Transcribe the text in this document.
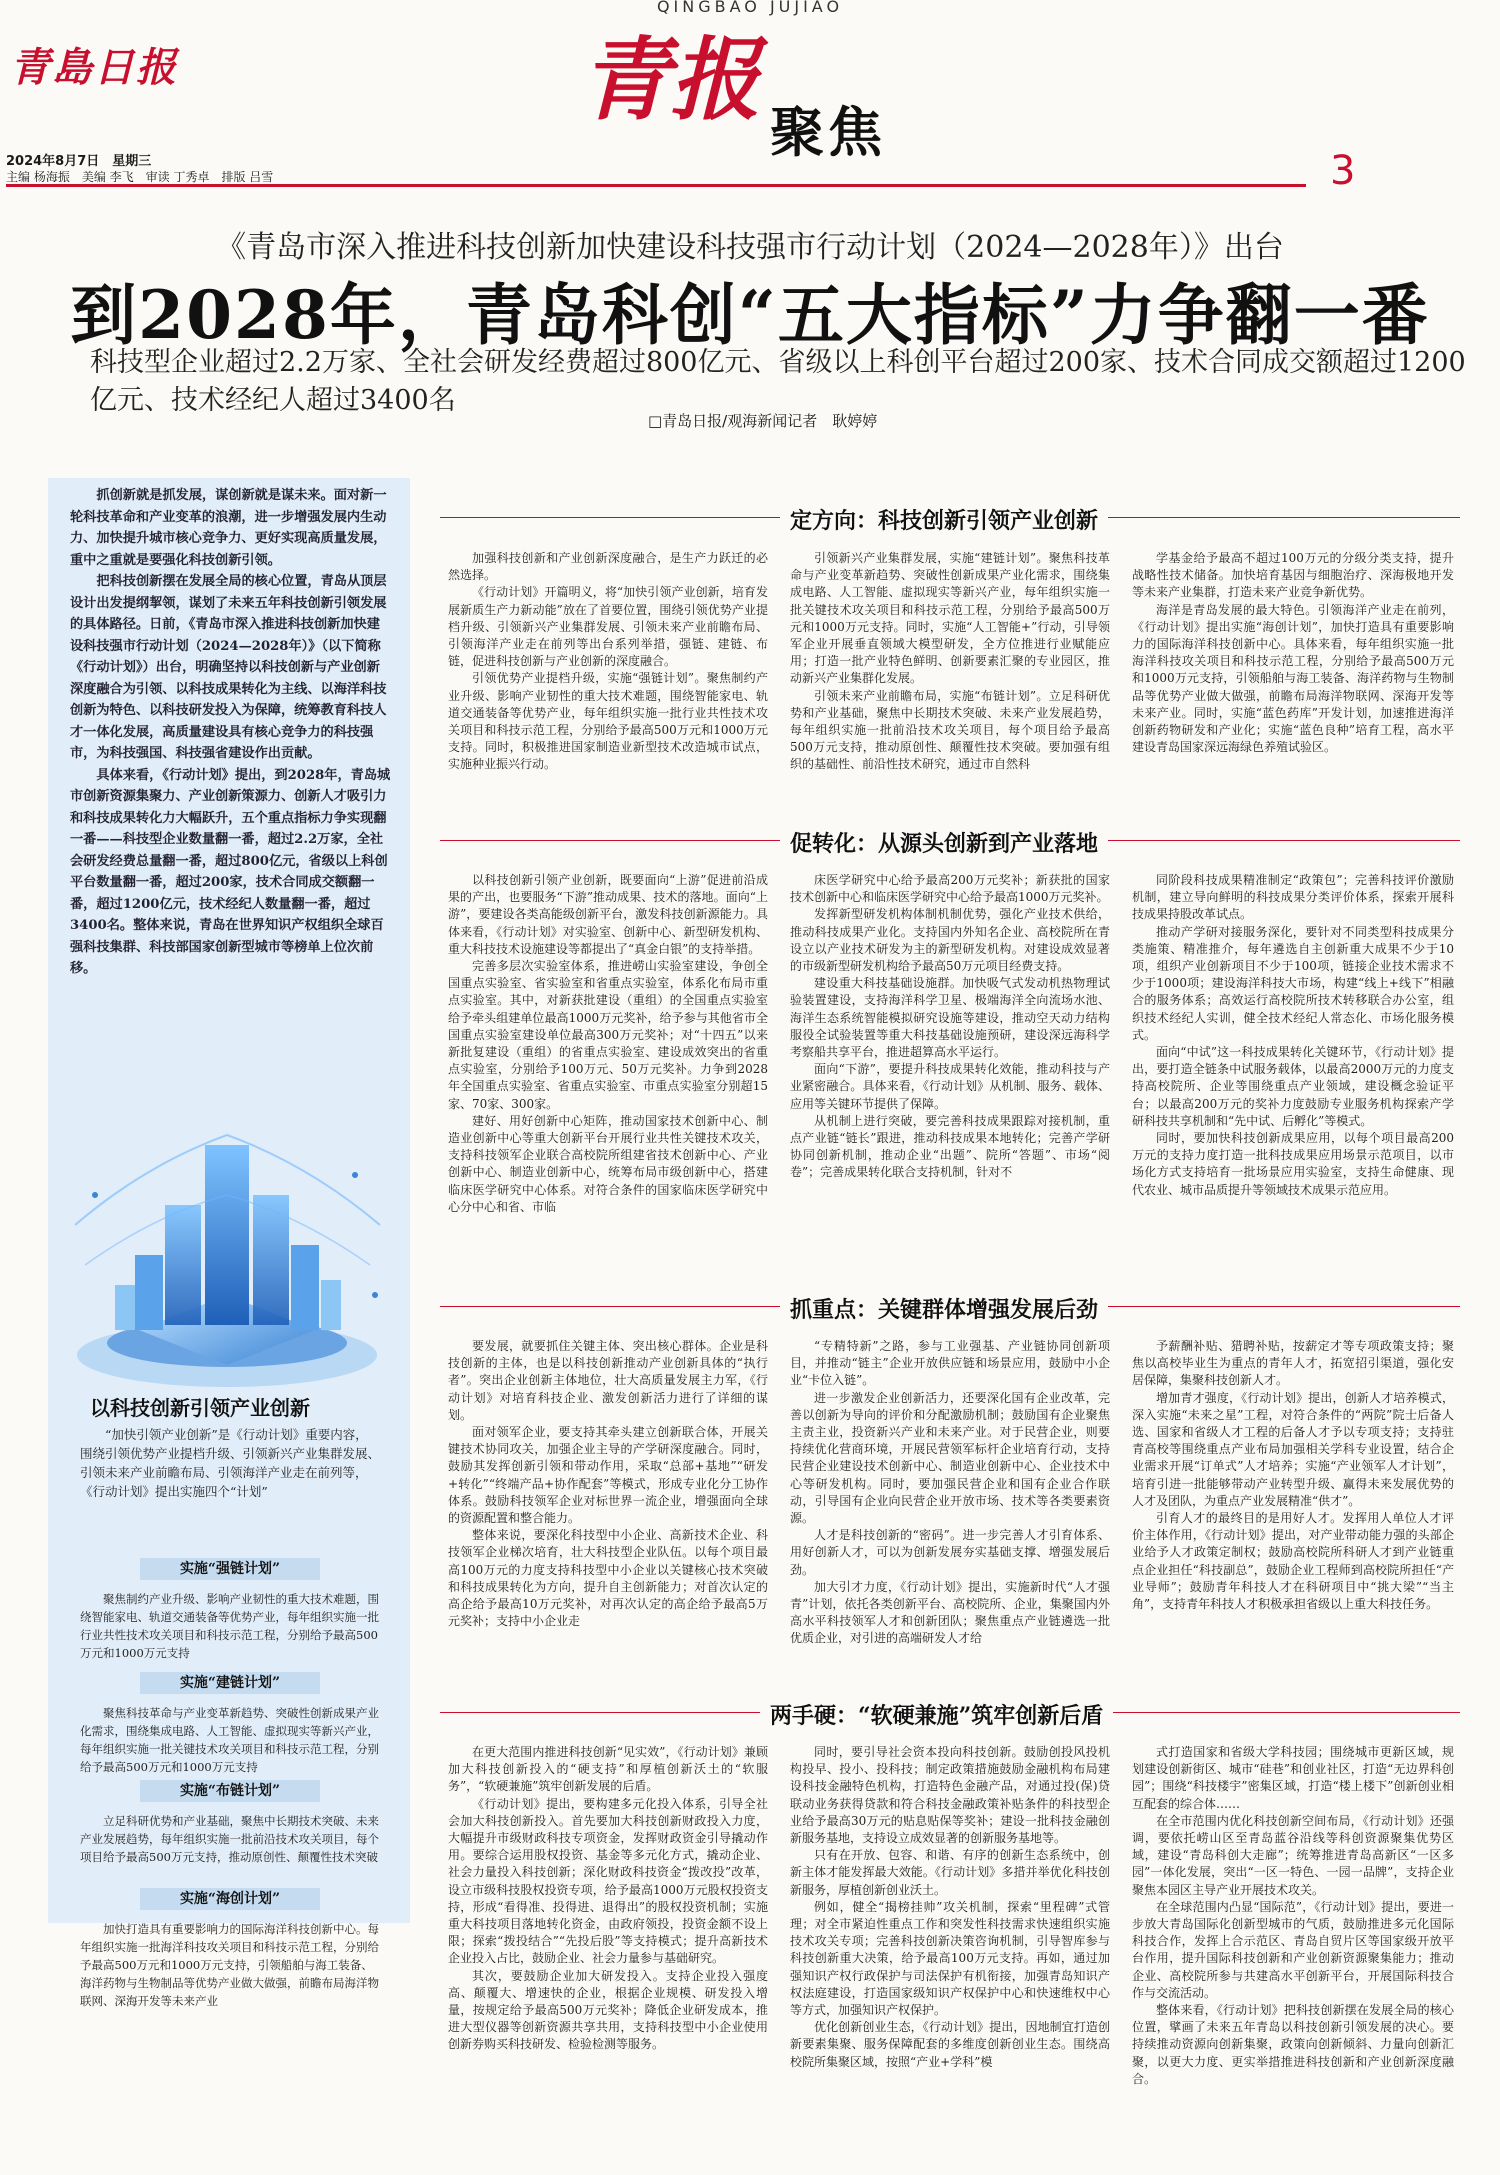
QINGBAO JUJIAO
青島日报	青报 聚焦
2024年8月7日　星期三
主编 杨海振　美编 李飞　审读 丁秀卓　排版 吕雪	3
《青岛市深入推进科技创新加快建设科技强市行动计划（2024—2028年）》出台
到2028年，青岛科创“五大指标”力争翻一番
科技型企业超过2.2万家、全社会研发经费超过800亿元、省级以上科创平台超过200家、技术合同成交额超过1200亿元、技术经纪人超过3400名
□青岛日报/观海新闻记者　耿婷婷

抓创新就是抓发展，谋创新就是谋未来。面对新一轮科技革命和产业变革的浪潮，进一步增强发展内生动力、加快提升城市核心竞争力、更好实现高质量发展，重中之重就是要强化科技创新引领。

把科技创新摆在发展全局的核心位置，青岛从顶层设计出发提纲挈领，谋划了未来五年科技创新引领发展的具体路径。日前，《青岛市深入推进科技创新加快建设科技强市行动计划（2024—2028年）》（以下简称《行动计划》）出台，明确坚持以科技创新与产业创新深度融合为引领、以科技成果转化为主线、以海洋科技创新为特色、以科技研发投入为保障，统筹教育科技人才一体化发展，高质量建设具有核心竞争力的科技强市，为科技强国、科技强省建设作出贡献。

具体来看，《行动计划》提出，到2028年，青岛城市创新资源集聚力、产业创新策源力、创新人才吸引力和科技成果转化力大幅跃升，五个重点指标力争实现翻一番——科技型企业数量翻一番，超过2.2万家，全社会研发经费总量翻一番，超过800亿元，省级以上科创平台数量翻一番，超过200家，技术合同成交额翻一番，超过1200亿元，技术经纪人数量翻一番，超过3400名。整体来说，青岛在世界知识产权组织全球百强科技集群、科技部国家创新型城市等榜单上位次前移。

以科技创新引领产业创新
“加快引领产业创新”是《行动计划》重要内容，围绕引领优势产业提档升级、引领新兴产业集群发展、引领未来产业前瞻布局、引领海洋产业走在前列等，《行动计划》提出实施四个“计划”
实施“强链计划”
聚焦制约产业升级、影响产业韧性的重大技术难题，围绕智能家电、轨道交通装备等优势产业，每年组织实施一批行业共性技术攻关项目和科技示范工程，分别给予最高500万元和1000万元支持
实施“建链计划”
聚焦科技革命与产业变革新趋势、突破性创新成果产业化需求，围绕集成电路、人工智能、虚拟现实等新兴产业，每年组织实施一批关键技术攻关项目和科技示范工程，分别给予最高500万元和1000万元支持
实施“布链计划”
立足科研优势和产业基础，聚焦中长期技术突破、未来产业发展趋势，每年组织实施一批前沿技术攻关项目，每个项目给予最高500万元支持，推动原创性、颠覆性技术突破
实施“海创计划”
加快打造具有重要影响力的国际海洋科技创新中心。每年组织实施一批海洋科技攻关项目和科技示范工程，分别给予最高500万元和1000万元支持，引领船舶与海工装备、海洋药物与生物制品等优势产业做大做强，前瞻布局海洋物联网、深海开发等未来产业
定方向：科技创新引领产业创新

加强科技创新和产业创新深度融合，是生产力跃迁的必然选择。

《行动计划》开篇明义，将“加快引领产业创新，培育发展新质生产力新动能”放在了首要位置，围绕引领优势产业提档升级、引领新兴产业集群发展、引领未来产业前瞻布局、引领海洋产业走在前列等出台系列举措，强链、建链、布链，促进科技创新与产业创新的深度融合。

引领优势产业提档升级，实施“强链计划”。聚焦制约产业升级、影响产业韧性的重大技术难题，围绕智能家电、轨道交通装备等优势产业，每年组织实施一批行业共性技术攻关项目和科技示范工程，分别给予最高500万元和1000万元支持。同时，积极推进国家制造业新型技术改造城市试点，实施种业振兴行动。

引领新兴产业集群发展，实施“建链计划”。聚焦科技革命与产业变革新趋势、突破性创新成果产业化需求，围绕集成电路、人工智能、虚拟现实等新兴产业，每年组织实施一批关键技术攻关项目和科技示范工程，分别给予最高500万元和1000万元支持。同时，实施“人工智能+”行动，引导领军企业开展垂直领域大模型研发，全方位推进行业赋能应用；打造一批产业特色鲜明、创新要素汇聚的专业园区，推动新兴产业集群化发展。

引领未来产业前瞻布局，实施“布链计划”。立足科研优势和产业基础，聚焦中长期技术突破、未来产业发展趋势，每年组织实施一批前沿技术攻关项目，每个项目给予最高500万元支持，推动原创性、颠覆性技术突破。要加强有组织的基础性、前沿性技术研究，通过市自然科

学基金给予最高不超过100万元的分级分类支持，提升战略性技术储备。加快培育基因与细胞治疗、深海极地开发等未来产业集群，打造未来产业竞争新优势。

海洋是青岛发展的最大特色。引领海洋产业走在前列，《行动计划》提出实施“海创计划”，加快打造具有重要影响力的国际海洋科技创新中心。具体来看，每年组织实施一批海洋科技攻关项目和科技示范工程，分别给予最高500万元和1000万元支持，引领船舶与海工装备、海洋药物与生物制品等优势产业做大做强，前瞻布局海洋物联网、深海开发等未来产业。同时，实施“蓝色药库”开发计划，加速推进海洋创新药物研发和产业化；实施“蓝色良种”培育工程，高水平建设青岛国家深远海绿色养殖试验区。

促转化：从源头创新到产业落地

以科技创新引领产业创新，既要面向“上游”促进前沿成果的产出，也要服务“下游”推动成果、技术的落地。面向“上游”，要建设各类高能级创新平台，激发科技创新源能力。具体来看，《行动计划》对实验室、创新中心、新型研发机构、重大科技技术设施建设等都提出了“真金白银”的支持举措。

完善多层次实验室体系，推进崂山实验室建设，争创全国重点实验室、省实验室和省重点实验室，体系化布局市重点实验室。其中，对新获批建设（重组）的全国重点实验室给予牵头组建单位最高1000万元奖补，给予参与其他省市全国重点实验室建设单位最高300万元奖补；对“十四五”以来新批复建设（重组）的省重点实验室、建设成效突出的省重点实验室，分别给予100万元、50万元奖补。力争到2028年全国重点实验室、省重点实验室、市重点实验室分别超15家、70家、300家。

建好、用好创新中心矩阵，推动国家技术创新中心、制造业创新中心等重大创新平台开展行业共性关键技术攻关，支持科技领军企业联合高校院所组建省技术创新中心、产业创新中心、制造业创新中心，统筹布局市级创新中心，搭建临床医学研究中心体系。对符合条件的国家临床医学研究中心分中心和省、市临

床医学研究中心给予最高200万元奖补；新获批的国家技术创新中心和临床医学研究中心给予最高1000万元奖补。

发挥新型研发机构体制机制优势，强化产业技术供给，推动科技成果产业化。支持国内外知名企业、高校院所在青设立以产业技术研发为主的新型研发机构。对建设成效显著的市级新型研发机构给予最高50万元项目经费支持。

建设重大科技基础设施群。加快吸气式发动机热物理试验装置建设，支持海洋科学卫星、极端海洋全向流场水池、海洋生态系统智能模拟研究设施等建设，推动空天动力结构服役全试验装置等重大科技基础设施预研，建设深远海科学考察船共享平台，推进超算高水平运行。

面向“下游”，要提升科技成果转化效能，推动科技与产业紧密融合。具体来看，《行动计划》从机制、服务、载体、应用等关键环节提供了保障。

从机制上进行突破，要完善科技成果跟踪对接机制，重点产业链“链长”跟进，推动科技成果本地转化；完善产学研协同创新机制，推动企业“出题”、院所“答题”、市场“阅卷”；完善成果转化联合支持机制，针对不

同阶段科技成果精准制定“政策包”；完善科技评价激励机制，建立导向鲜明的科技成果分类评价体系，探索开展科技成果持股改革试点。

推动产学研对接服务深化，要针对不同类型科技成果分类施策、精准推介，每年遴选自主创新重大成果不少于10项，组织产业创新项目不少于100项，链接企业技术需求不少于1000项；建设海洋科技大市场，构建“线上+线下”相融合的服务体系；高效运行高校院所技术转移联合办公室，组织技术经纪人实训，健全技术经纪人常态化、市场化服务模式。

面向“中试”这一科技成果转化关键环节，《行动计划》提出，要打造全链条中试服务载体，以最高2000万元的力度支持高校院所、企业等围绕重点产业领域，建设概念验证平台；以最高200万元的奖补力度鼓励专业服务机构探索产学研科技共享机制和“先中试、后孵化”等模式。

同时，要加快科技创新成果应用，以每个项目最高200万元的支持力度打造一批科技成果应用场景示范项目，以市场化方式支持培育一批场景应用实验室，支持生命健康、现代农业、城市品质提升等领域技术成果示范应用。

抓重点：关键群体增强发展后劲

要发展，就要抓住关键主体、突出核心群体。企业是科技创新的主体，也是以科技创新推动产业创新具体的“执行者”。突出企业创新主体地位，壮大高质量发展主力军，《行动计划》对培育科技企业、激发创新活力进行了详细的谋划。

面对领军企业，要支持其牵头建立创新联合体，开展关键技术协同攻关，加强企业主导的产学研深度融合。同时，鼓励其发挥创新引领和带动作用，采取“总部+基地”“研发+转化”“终端产品+协作配套”等模式，形成专业化分工协作体系。鼓励科技领军企业对标世界一流企业，增强面向全球的资源配置和整合能力。

整体来说，要深化科技型中小企业、高新技术企业、科技领军企业梯次培育，壮大科技型企业队伍。以每个项目最高100万元的力度支持科技型中小企业以关键核心技术突破和科技成果转化为方向，提升自主创新能力；对首次认定的高企给予最高10万元奖补，对再次认定的高企给予最高5万元奖补；支持中小企业走

“专精特新”之路，参与工业强基、产业链协同创新项目，并推动“链主”企业开放供应链和场景应用，鼓励中小企业“卡位入链”。

进一步激发企业创新活力，还要深化国有企业改革，完善以创新为导向的评价和分配激励机制；鼓励国有企业聚焦主责主业，投资新兴产业和未来产业。对于民营企业，则要持续优化营商环境，开展民营领军标杆企业培育行动，支持民营企业建设技术创新中心、制造业创新中心、企业技术中心等研发机构。同时，要加强民营企业和国有企业合作联动，引导国有企业向民营企业开放市场、技术等各类要素资源。

人才是科技创新的“密码”。进一步完善人才引育体系、用好创新人才，可以为创新发展夯实基础支撑、增强发展后劲。

加大引才力度，《行动计划》提出，实施新时代“人才强青”计划，依托各类创新平台、高校院所、企业，集聚国内外高水平科技领军人才和创新团队；聚焦重点产业链遴选一批优质企业，对引进的高端研发人才给

予薪酬补贴、猎聘补贴，按薪定才等专项政策支持；聚焦以高校毕业生为重点的青年人才，拓宽招引渠道，强化安居保障，集聚科技创新人才。

增加青才强度，《行动计划》提出，创新人才培养模式，深入实施“未来之星”工程，对符合条件的“两院”院士后备人选、国家和省级人才工程的后备人才予以专项支持；支持驻青高校等围绕重点产业布局加强相关学科专业设置，结合企业需求开展“订单式”人才培养；实施“产业领军人才计划”，培育引进一批能够带动产业转型升级、赢得未来发展优势的人才及团队，为重点产业发展精准“供才”。

引育人才的最终目的是用好人才。发挥用人单位人才评价主体作用，《行动计划》提出，对产业带动能力强的头部企业给予人才政策定制权；鼓励高校院所科研人才到产业链重点企业担任“科技副总”，鼓励企业工程师到高校院所担任“产业导师”；鼓励青年科技人才在科研项目中“挑大梁”“当主角”，支持青年科技人才积极承担省级以上重大科技任务。

两手硬：“软硬兼施”筑牢创新后盾

在更大范围内推进科技创新“见实效”，《行动计划》兼顾加大科技创新投入的“硬支持”和厚植创新沃土的“软服务”，“软硬兼施”筑牢创新发展的后盾。

《行动计划》提出，要构建多元化投入体系，引导全社会加大科技创新投入。首先要加大科技创新财政投入力度，大幅提升市级财政科技专项资金，发挥财政资金引导撬动作用。要综合运用股权投资、基金等多元化方式，撬动企业、社会力量投入科技创新；深化财政科技资金“拨改投”改革，设立市级科技股权投资专项，给予最高1000万元股权投资支持，形成“看得准、投得进、退得出”的股权投资机制；实施重大科技项目落地转化资金，由政府领投，投资金额不设上限；探索“拨投结合”“先投后股”等支持模式；提升高新技术企业投入占比，鼓励企业、社会力量参与基础研究。

其次，要鼓励企业加大研发投入。支持企业投入强度高、颠覆大、增速快的企业，根据企业规模、研发投入增量，按规定给予最高500万元奖补；降低企业研发成本，推进大型仪器等创新资源共享共用，支持科技型中小企业使用创新券购买科技研发、检验检测等服务。

同时，要引导社会资本投向科技创新。鼓励创投风投机构投早、投小、投科技；制定政策措施鼓励金融机构布局建设科技金融特色机构，打造特色金融产品，对通过投(保)贷联动业务获得贷款和符合科技金融政策补贴条件的科技型企业给予最高30万元的贴息贴保等奖补；建设一批科技金融创新服务基地，支持设立成效显著的创新服务基地等。

只有在开放、包容、和谐、有序的创新生态系统中，创新主体才能发挥最大效能。《行动计划》多措并举优化科技创新服务，厚植创新创业沃土。

例如，健全“揭榜挂帅”攻关机制，探索“里程碑”式管理；对全市紧迫性重点工作和突发性科技需求快速组织实施技术攻关专项；完善科技创新决策咨询机制，引导智库参与科技创新重大决策，给予最高100万元支持。再如，通过加强知识产权行政保护与司法保护有机衔接，加强青岛知识产权法庭建设，打造国家级知识产权保护中心和快速维权中心等方式，加强知识产权保护。

优化创新创业生态，《行动计划》提出，因地制宜打造创新要素集聚、服务保障配套的多维度创新创业生态。围绕高校院所集聚区域，按照“产业+学科”模

式打造国家和省级大学科技园；围绕城市更新区域，规划建设创新街区、城市“硅巷”和创业社区，打造“无边界科创园”；围绕“科技楼宇”密集区域，打造“楼上楼下”创新创业相互配套的综合体……

在全市范围内优化科技创新空间布局，《行动计划》还强调，要依托崂山区至青岛蓝谷沿线等科创资源聚集优势区域，建设“青岛科创大走廊”；统筹推进青岛高新区“一区多园”一体化发展，突出“一区一特色、一园一品牌”，支持企业聚焦本园区主导产业开展技术攻关。

在全球范围内凸显“国际范”，《行动计划》提出，要进一步放大青岛国际化创新型城市的气质，鼓励推进多元化国际科技合作，发挥上合示范区、青岛自贸片区等国家级开放平台作用，提升国际科技创新和产业创新资源聚集能力；推动企业、高校院所参与共建高水平创新平台，开展国际科技合作与交流活动。

整体来看，《行动计划》把科技创新摆在发展全局的核心位置，擘画了未来五年青岛以科技创新引领发展的决心。要持续推动资源向创新集聚，政策向创新倾斜、力量向创新汇聚，以更大力度、更实举措推进科技创新和产业创新深度融合。
